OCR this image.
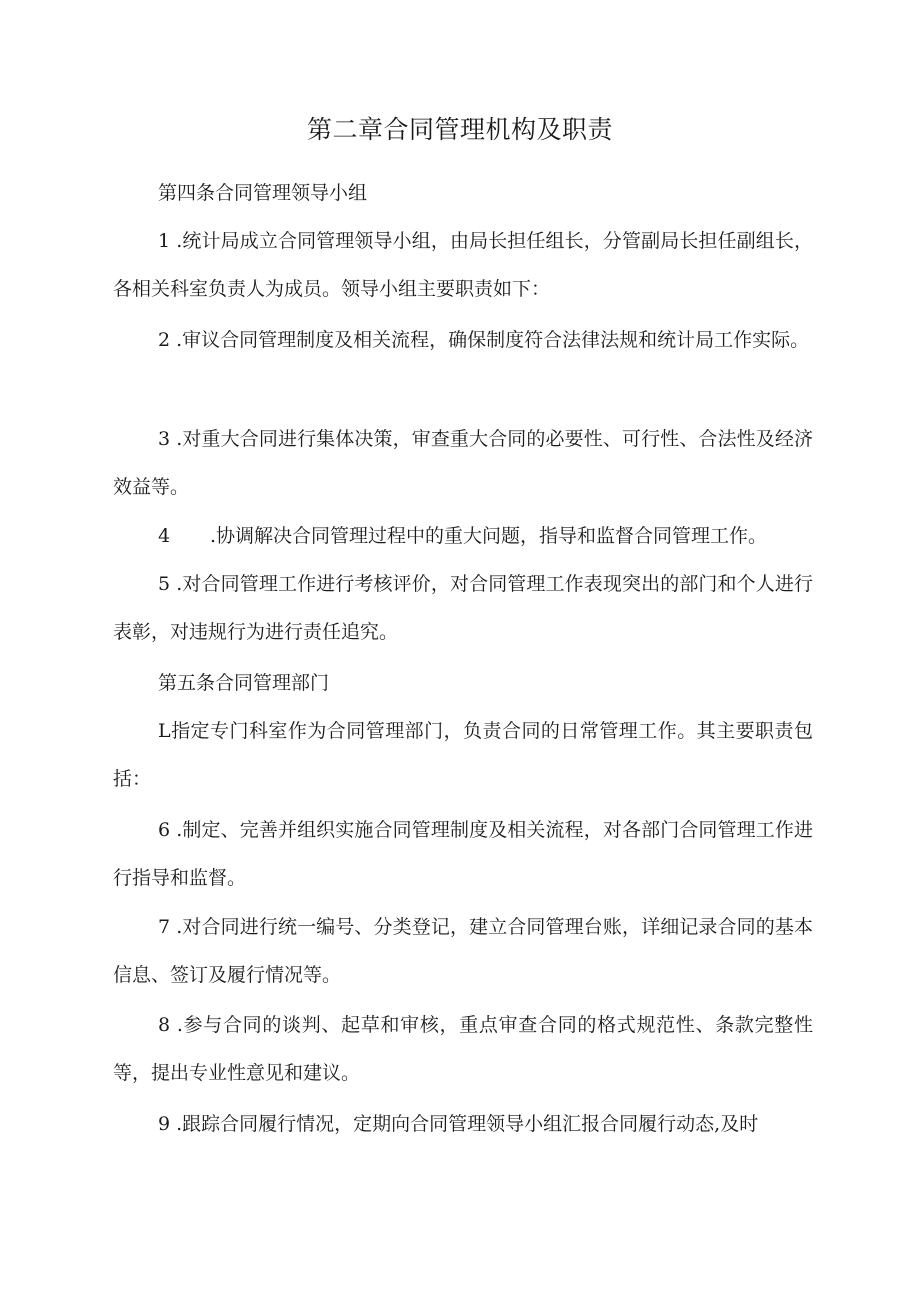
第二章合同管理机构及职责

第四条合同管理领导小组

1 .统计局成立合同管理领导小组，由局长担任组长，分管副局长担任副组长，各相关科室负责人为成员。领导小组主要职责如下：

2 .审议合同管理制度及相关流程，确保制度符合法律法规和统计局工作实际。

3 .对重大合同进行集体决策，审查重大合同的必要性、可行性、合法性及经济效益等。

4 .协调解决合同管理过程中的重大问题，指导和监督合同管理工作。

5 .对合同管理工作进行考核评价，对合同管理工作表现突出的部门和个人进行表彰，对违规行为进行责任追究。

第五条合同管理部门

L指定专门科室作为合同管理部门，负责合同的日常管理工作。其主要职责包括：

6 .制定、完善并组织实施合同管理制度及相关流程，对各部门合同管理工作进行指导和监督。

7 .对合同进行统一编号、分类登记，建立合同管理台账，详细记录合同的基本信息、签订及履行情况等。

8 .参与合同的谈判、起草和审核，重点审查合同的格式规范性、条款完整性等，提出专业性意见和建议。

9 .跟踪合同履行情况，定期向合同管理领导小组汇报合同履行动态,及时
